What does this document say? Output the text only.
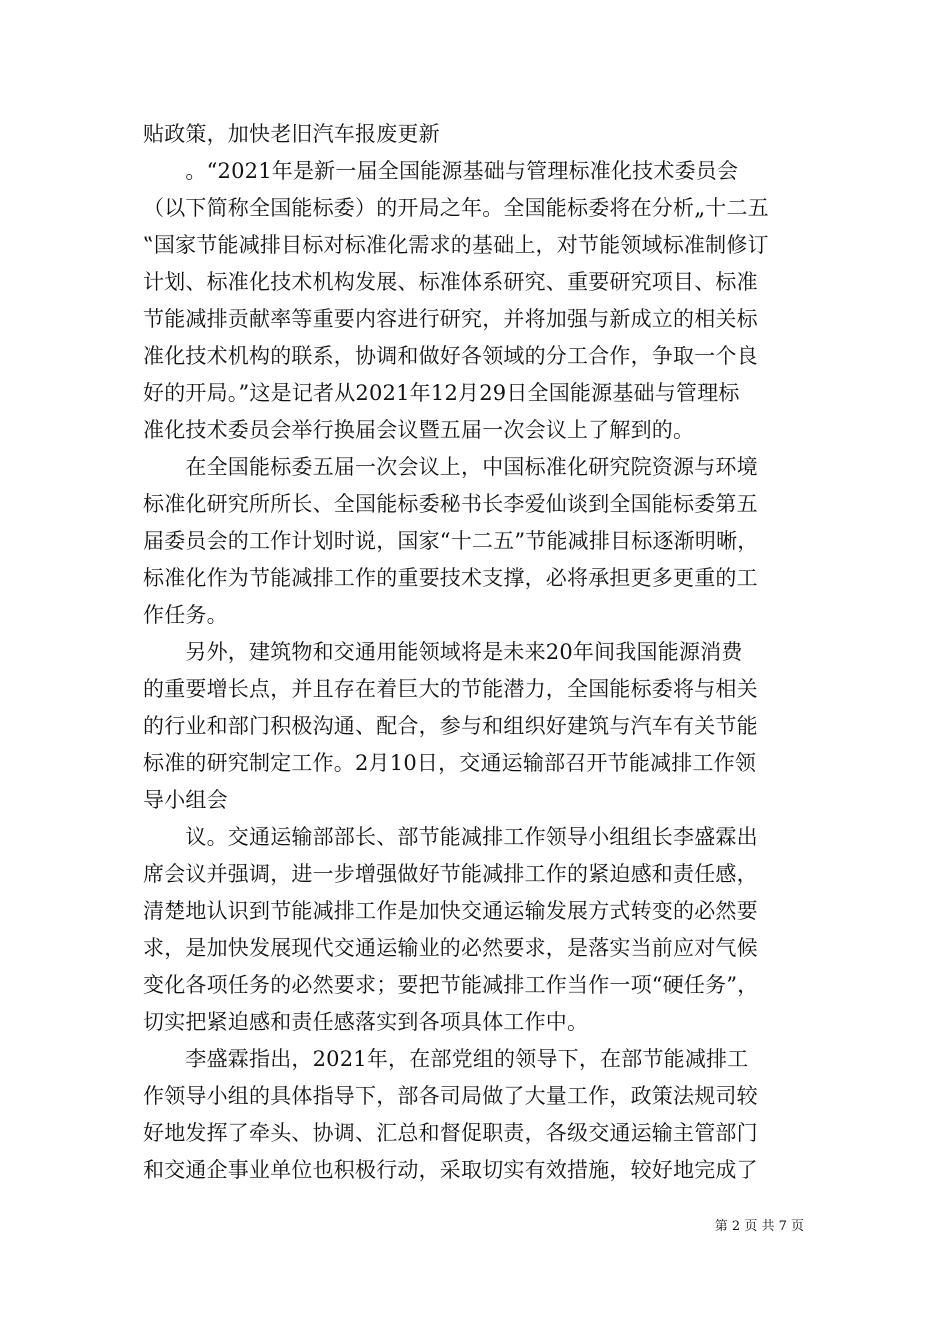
贴政策，加快老旧汽车报废更新
　　。“2021年是新一届全国能源基础与管理标准化技术委员会
（以下简称全国能标委）的开局之年。全国能标委将在分析„十二五
‟国家节能减排目标对标准化需求的基础上，对节能领域标准制修订
计划、标准化技术机构发展、标准体系研究、重要研究项目、标准
节能减排贡献率等重要内容进行研究，并将加强与新成立的相关标
准化技术机构的联系，协调和做好各领域的分工合作，争取一个良
好的开局。”这是记者从2021年12月29日全国能源基础与管理标
准化技术委员会举行换届会议暨五届一次会议上了解到的。
　　在全国能标委五届一次会议上，中国标准化研究院资源与环境
标准化研究所所长、全国能标委秘书长李爱仙谈到全国能标委第五
届委员会的工作计划时说，国家“十二五”节能减排目标逐渐明晰，
标准化作为节能减排工作的重要技术支撑，必将承担更多更重的工
作任务。
　　另外，建筑物和交通用能领域将是未来20年间我国能源消费
的重要增长点，并且存在着巨大的节能潜力，全国能标委将与相关
的行业和部门积极沟通、配合，参与和组织好建筑与汽车有关节能
标准的研究制定工作。2月10日，交通运输部召开节能减排工作领
导小组会
　　议。交通运输部部长、部节能减排工作领导小组组长李盛霖出
席会议并强调，进一步增强做好节能减排工作的紧迫感和责任感，
清楚地认识到节能减排工作是加快交通运输发展方式转变的必然要
求，是加快发展现代交通运输业的必然要求，是落实当前应对气候
变化各项任务的必然要求；要把节能减排工作当作一项“硬任务”，
切实把紧迫感和责任感落实到各项具体工作中。
　　李盛霖指出，2021年，在部党组的领导下，在部节能减排工
作领导小组的具体指导下，部各司局做了大量工作，政策法规司较
好地发挥了牵头、协调、汇总和督促职责，各级交通运输主管部门
和交通企事业单位也积极行动，采取切实有效措施，较好地完成了
第 2 页 共 7 页
